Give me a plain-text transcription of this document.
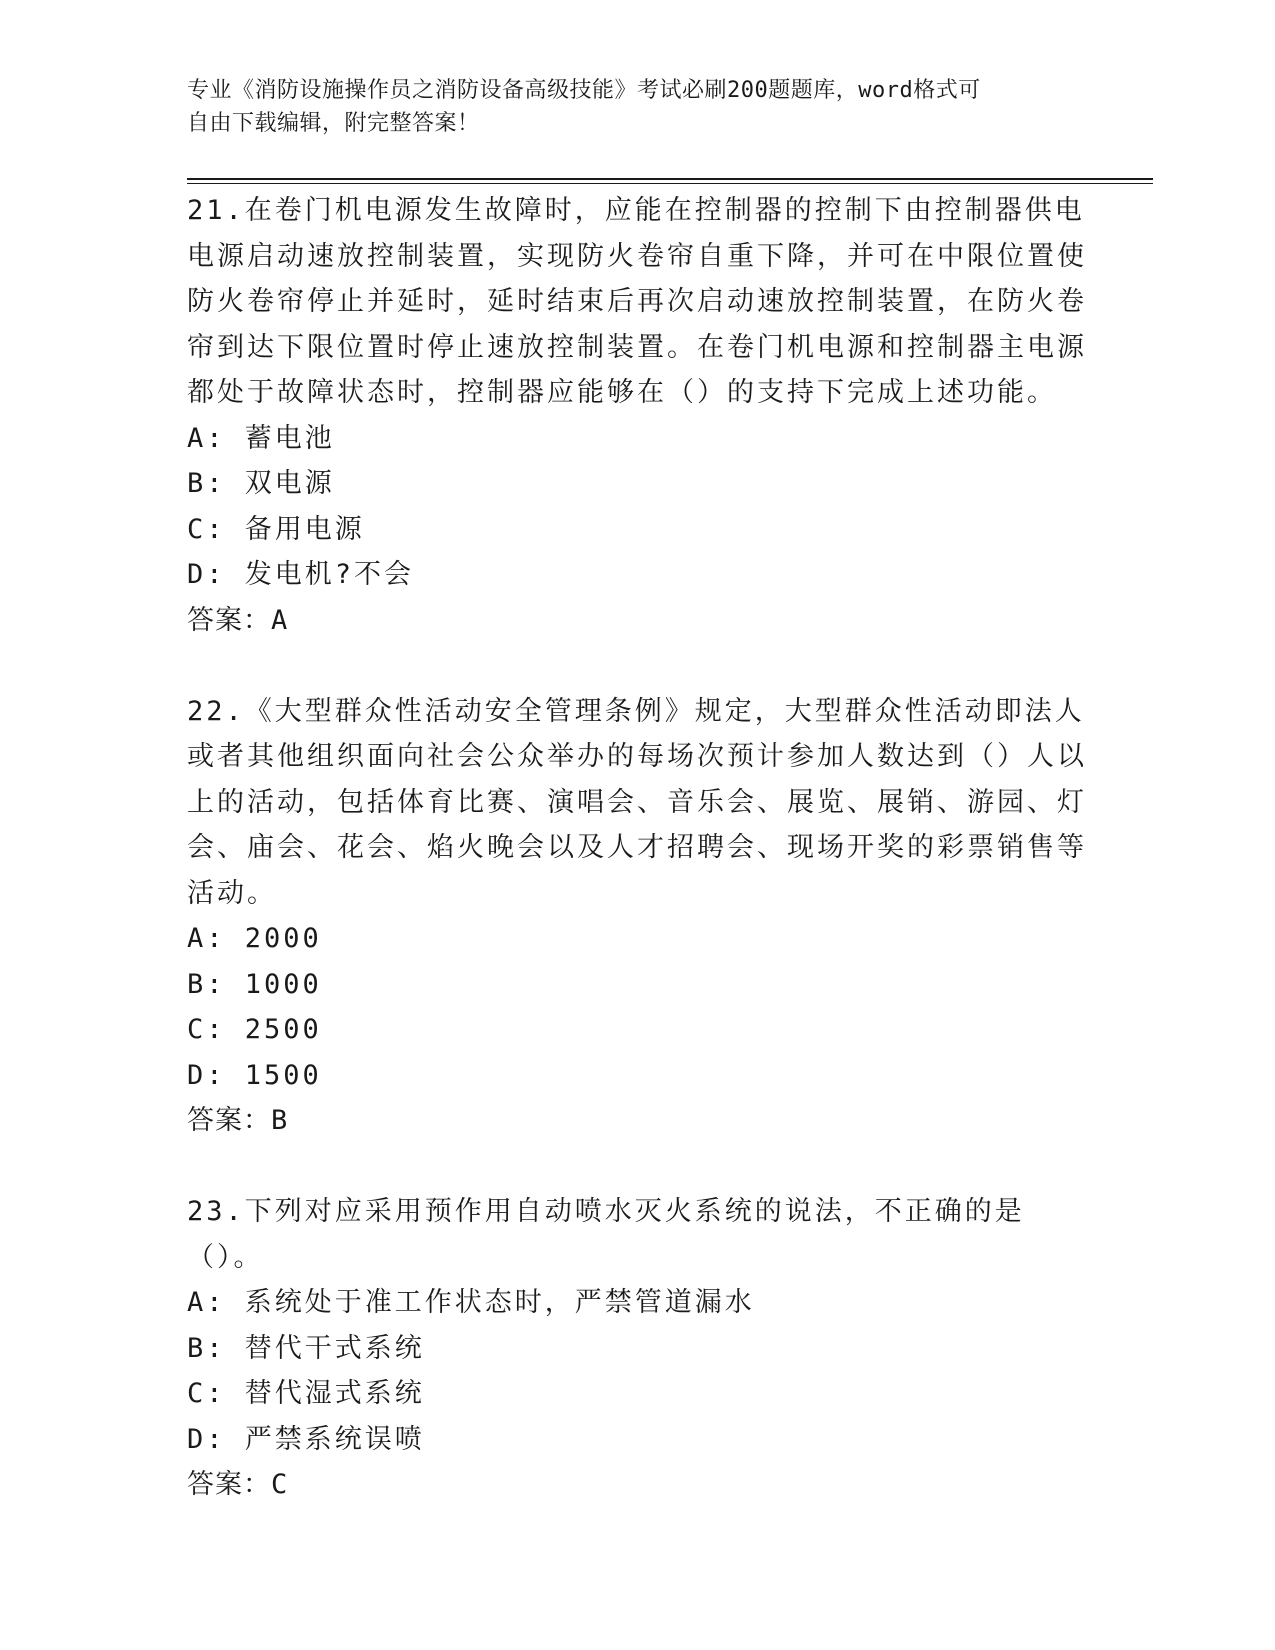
专业《消防设施操作员之消防设备高级技能》考试必刷200题题库，word格式可
自由下载编辑，附完整答案！
21.在卷门机电源发生故障时，应能在控制器的控制下由控制器供电电源启动速放控制装置，实现防火卷帘自重下降，并可在中限位置使防火卷帘停止并延时，延时结束后再次启动速放控制装置，在防火卷帘到达下限位置时停止速放控制装置。在卷门机电源和控制器主电源都处于故障状态时，控制器应能够在（）的支持下完成上述功能。
A: 蓄电池
B: 双电源
C: 备用电源
D: 发电机?不会
答案：A
22.《大型群众性活动安全管理条例》规定，大型群众性活动即法人或者其他组织面向社会公众举办的每场次预计参加人数达到（）人以上的活动，包括体育比赛、演唱会、音乐会、展览、展销、游园、灯会、庙会、花会、焰火晚会以及人才招聘会、现场开奖的彩票销售等活动。
A: 2000
B: 1000
C: 2500
D: 1500
答案：B
23.下列对应采用预作用自动喷水灭火系统的说法，不正确的是（）。
A: 系统处于准工作状态时，严禁管道漏水
B: 替代干式系统
C: 替代湿式系统
D: 严禁系统误喷
答案：C
